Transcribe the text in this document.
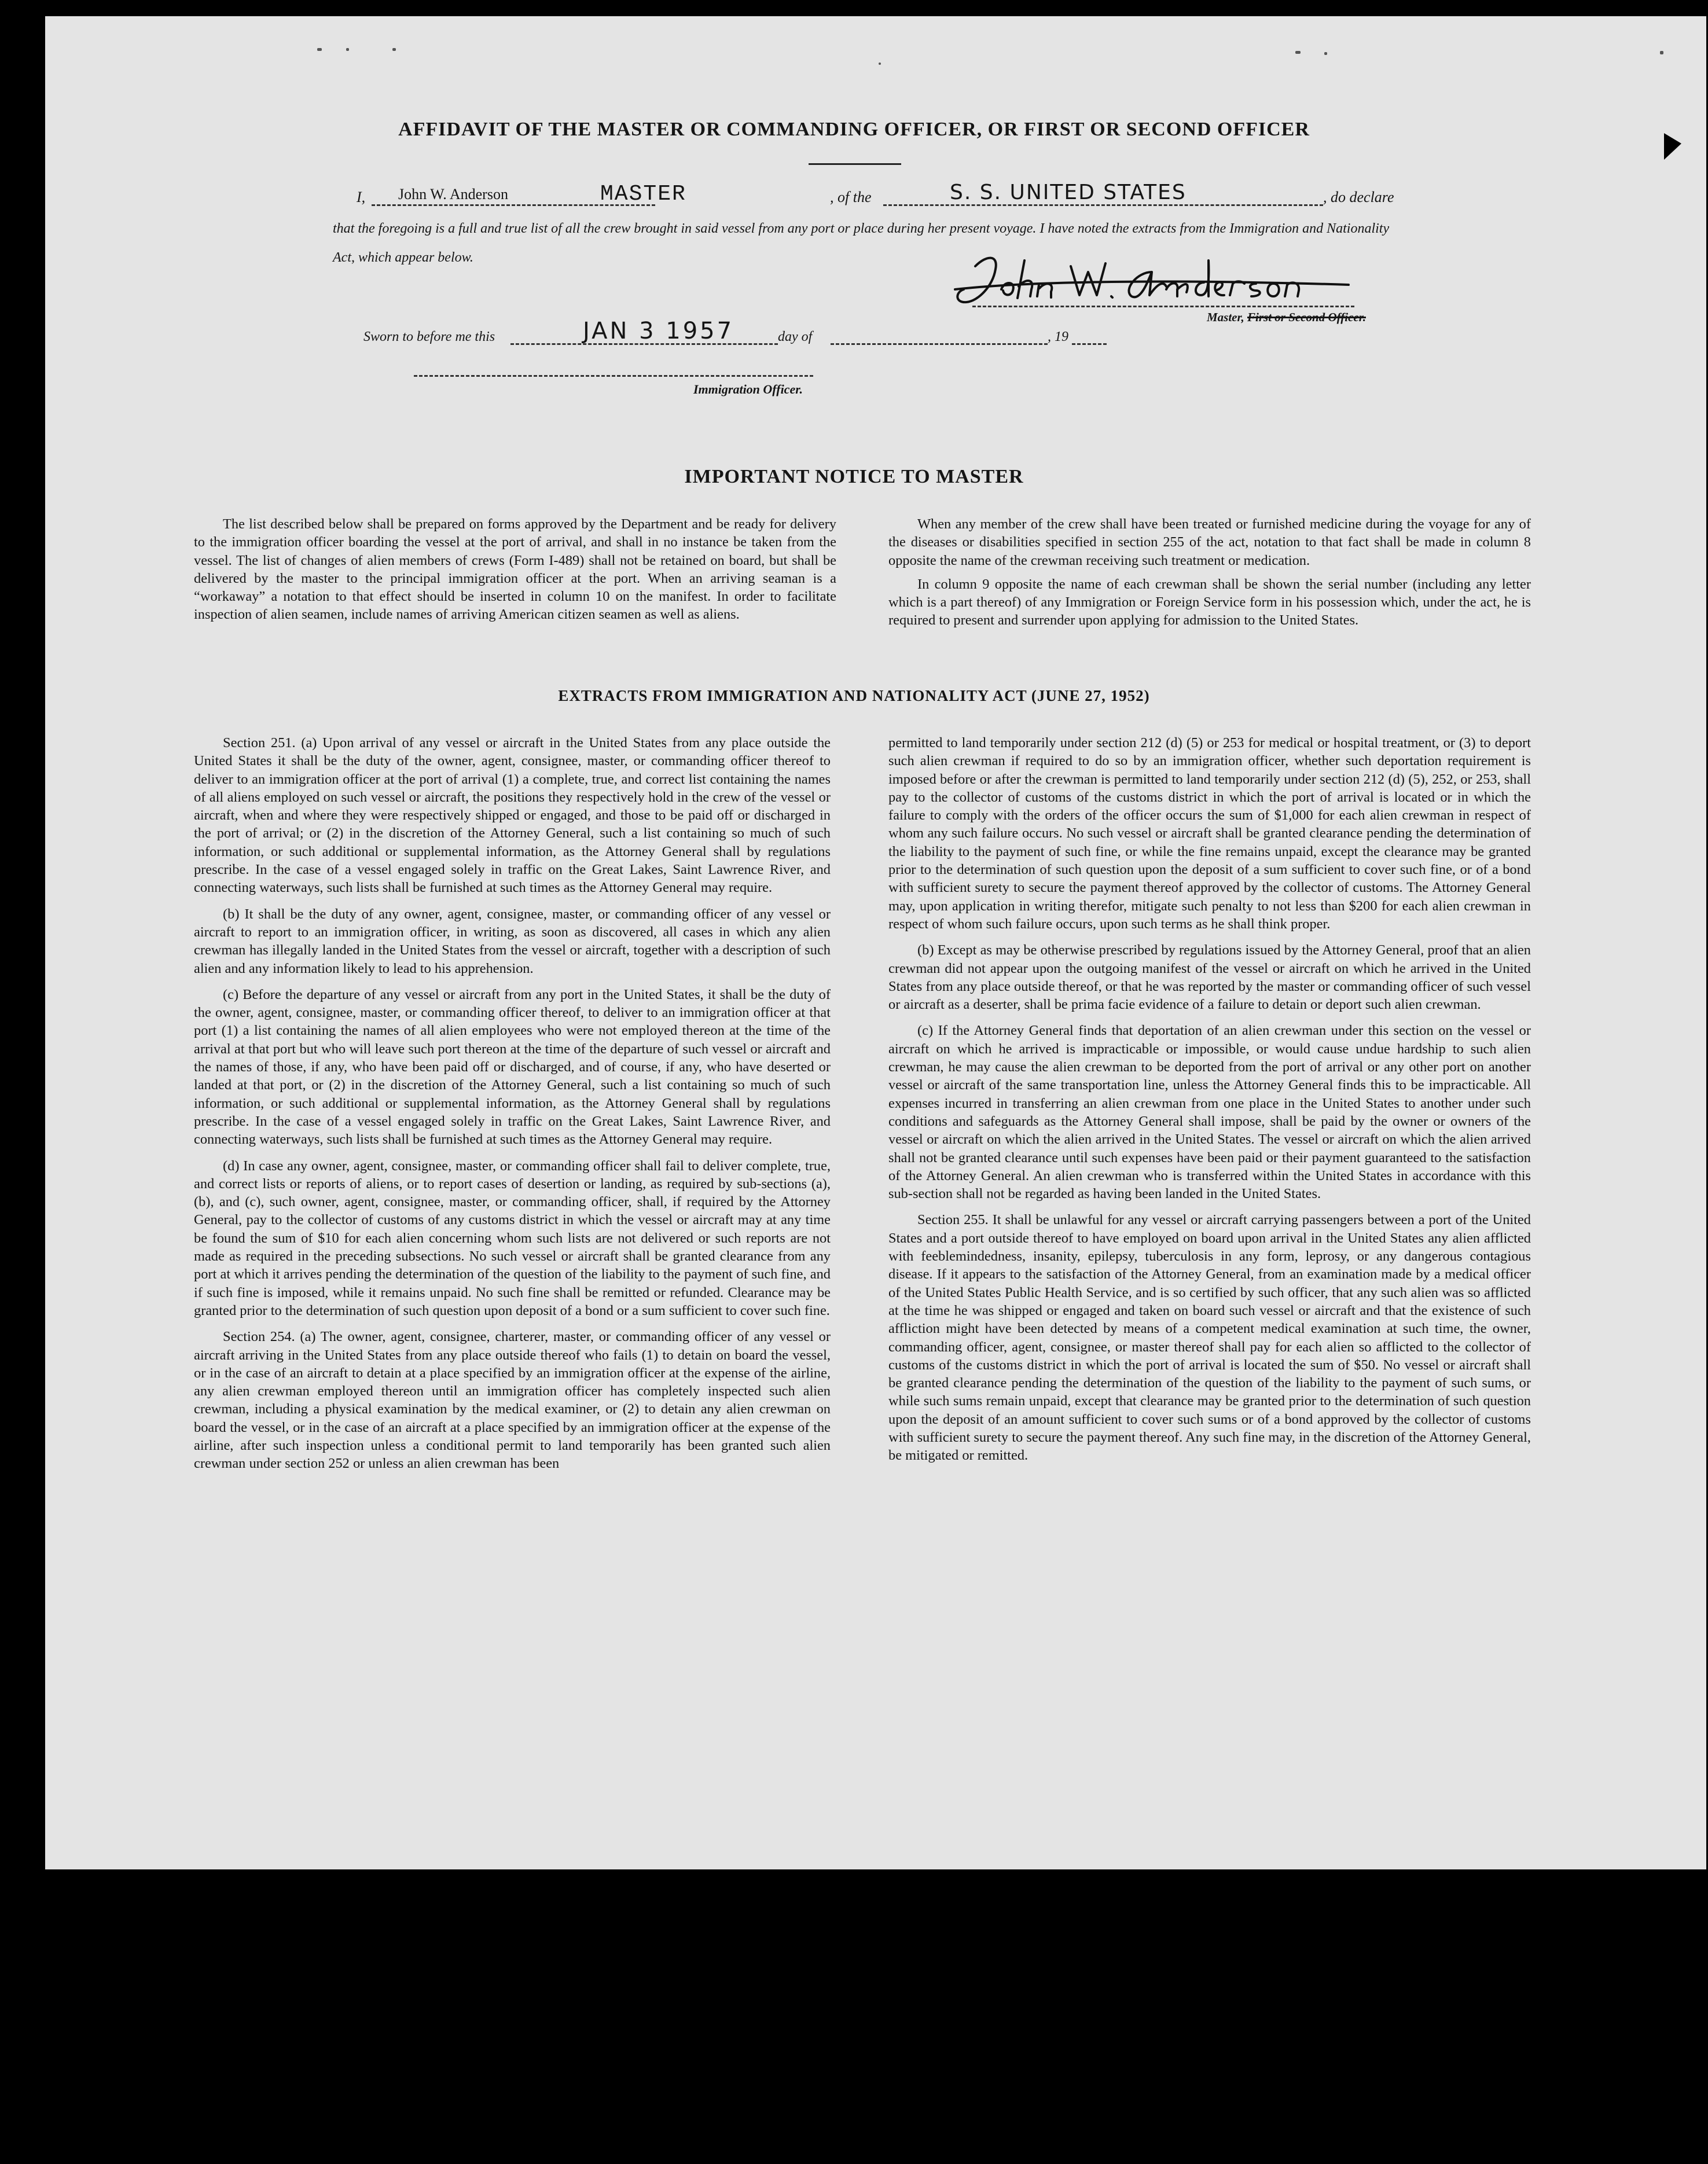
AFFIDAVIT OF THE MASTER OR COMMANDING OFFICER, OR FIRST OR SECOND OFFICER
I, John W. Anderson	MASTER	, of the	S. S. UNITED STATES	, do declare
that the foregoing is a full and true list of all the crew brought in said vessel from any port or place during her present voyage. I have noted the extracts from the Immigration and Nationality Act, which appear below.
Master, First or Second Officer.
Sworn to before me this	JAN 3 1957	day of	, 19
Immigration Officer.
IMPORTANT NOTICE TO MASTER

The list described below shall be prepared on forms approved by the Department and be ready for delivery to the immigration officer boarding the vessel at the port of arrival, and shall in no instance be taken from the vessel. The list of changes of alien members of crews (Form I-489) shall not be retained on board, but shall be delivered by the master to the principal immigration officer at the port. When an arriving seaman is a “workaway” a notation to that effect should be inserted in column 10 on the manifest. In order to facilitate inspection of alien seamen, include names of arriving American citizen seamen as well as aliens.

When any member of the crew shall have been treated or furnished medicine during the voyage for any of the diseases or disabilities specified in section 255 of the act, notation to that fact shall be made in column 8 opposite the name of the crewman receiving such treatment or medication.

In column 9 opposite the name of each crewman shall be shown the serial number (including any letter which is a part thereof) of any Immigration or Foreign Service form in his possession which, under the act, he is required to present and surrender upon applying for admission to the United States.

EXTRACTS FROM IMMIGRATION AND NATIONALITY ACT (JUNE 27, 1952)

Section 251. (a) Upon arrival of any vessel or aircraft in the United States from any place outside the United States it shall be the duty of the owner, agent, consignee, master, or commanding officer thereof to deliver to an immigration officer at the port of arrival (1) a complete, true, and correct list containing the names of all aliens employed on such vessel or aircraft, the positions they respectively hold in the crew of the vessel or aircraft, when and where they were respectively shipped or engaged, and those to be paid off or discharged in the port of arrival; or (2) in the discretion of the Attorney General, such a list containing so much of such information, or such additional or supplemental information, as the Attorney General shall by regulations prescribe. In the case of a vessel engaged solely in traffic on the Great Lakes, Saint Lawrence River, and connecting waterways, such lists shall be furnished at such times as the Attorney General may require.

(b) It shall be the duty of any owner, agent, consignee, master, or commanding officer of any vessel or aircraft to report to an immigration officer, in writing, as soon as discovered, all cases in which any alien crewman has illegally landed in the United States from the vessel or aircraft, together with a description of such alien and any information likely to lead to his apprehension.

(c) Before the departure of any vessel or aircraft from any port in the United States, it shall be the duty of the owner, agent, consignee, master, or commanding officer thereof, to deliver to an immigration officer at that port (1) a list containing the names of all alien employees who were not employed thereon at the time of the arrival at that port but who will leave such port thereon at the time of the departure of such vessel or aircraft and the names of those, if any, who have been paid off or discharged, and of course, if any, who have deserted or landed at that port, or (2) in the discretion of the Attorney General, such a list containing so much of such information, or such additional or supplemental information, as the Attorney General shall by regulations prescribe. In the case of a vessel engaged solely in traffic on the Great Lakes, Saint Lawrence River, and connecting waterways, such lists shall be furnished at such times as the Attorney General may require.

(d) In case any owner, agent, consignee, master, or commanding officer shall fail to deliver complete, true, and correct lists or reports of aliens, or to report cases of desertion or landing, as required by sub-sections (a), (b), and (c), such owner, agent, consignee, master, or commanding officer, shall, if required by the Attorney General, pay to the collector of customs of any customs district in which the vessel or aircraft may at any time be found the sum of $10 for each alien concerning whom such lists are not delivered or such reports are not made as required in the preceding subsections. No such vessel or aircraft shall be granted clearance from any port at which it arrives pending the determination of the question of the liability to the payment of such fine, and if such fine is imposed, while it remains unpaid. No such fine shall be remitted or refunded. Clearance may be granted prior to the determination of such question upon deposit of a bond or a sum sufficient to cover such fine.

Section 254. (a) The owner, agent, consignee, charterer, master, or commanding officer of any vessel or aircraft arriving in the United States from any place outside thereof who fails (1) to detain on board the vessel, or in the case of an aircraft to detain at a place specified by an immigration officer at the expense of the airline, any alien crewman employed thereon until an immigration officer has completely inspected such alien crewman, including a physical examination by the medical examiner, or (2) to detain any alien crewman on board the vessel, or in the case of an aircraft at a place specified by an immigration officer at the expense of the airline, after such inspection unless a conditional permit to land temporarily has been granted such alien crewman under section 252 or unless an alien crewman has been

permitted to land temporarily under section 212 (d) (5) or 253 for medical or hospital treatment, or (3) to deport such alien crewman if required to do so by an immigration officer, whether such deportation requirement is imposed before or after the crewman is permitted to land temporarily under section 212 (d) (5), 252, or 253, shall pay to the collector of customs of the customs district in which the port of arrival is located or in which the failure to comply with the orders of the officer occurs the sum of $1,000 for each alien crewman in respect of whom any such failure occurs. No such vessel or aircraft shall be granted clearance pending the determination of the liability to the payment of such fine, or while the fine remains unpaid, except the clearance may be granted prior to the determination of such question upon the deposit of a sum sufficient to cover such fine, or of a bond with sufficient surety to secure the payment thereof approved by the collector of customs. The Attorney General may, upon application in writing therefor, mitigate such penalty to not less than $200 for each alien crewman in respect of whom such failure occurs, upon such terms as he shall think proper.

(b) Except as may be otherwise prescribed by regulations issued by the Attorney General, proof that an alien crewman did not appear upon the outgoing manifest of the vessel or aircraft on which he arrived in the United States from any place outside thereof, or that he was reported by the master or commanding officer of such vessel or aircraft as a deserter, shall be prima facie evidence of a failure to detain or deport such alien crewman.

(c) If the Attorney General finds that deportation of an alien crewman under this section on the vessel or aircraft on which he arrived is impracticable or impossible, or would cause undue hardship to such alien crewman, he may cause the alien crewman to be deported from the port of arrival or any other port on another vessel or aircraft of the same transportation line, unless the Attorney General finds this to be impracticable. All expenses incurred in transferring an alien crewman from one place in the United States to another under such conditions and safeguards as the Attorney General shall impose, shall be paid by the owner or owners of the vessel or aircraft on which the alien arrived in the United States. The vessel or aircraft on which the alien arrived shall not be granted clearance until such expenses have been paid or their payment guaranteed to the satisfaction of the Attorney General. An alien crewman who is transferred within the United States in accordance with this sub-section shall not be regarded as having been landed in the United States.

Section 255. It shall be unlawful for any vessel or aircraft carrying passengers between a port of the United States and a port outside thereof to have employed on board upon arrival in the United States any alien afflicted with feeblemindedness, insanity, epilepsy, tuberculosis in any form, leprosy, or any dangerous contagious disease. If it appears to the satisfaction of the Attorney General, from an examination made by a medical officer of the United States Public Health Service, and is so certified by such officer, that any such alien was so afflicted at the time he was shipped or engaged and taken on board such vessel or aircraft and that the existence of such affliction might have been detected by means of a competent medical examination at such time, the owner, commanding officer, agent, consignee, or master thereof shall pay for each alien so afflicted to the collector of customs of the customs district in which the port of arrival is located the sum of $50. No vessel or aircraft shall be granted clearance pending the determination of the question of the liability to the payment of such sums, or while such sums remain unpaid, except that clearance may be granted prior to the determination of such question upon the deposit of an amount sufficient to cover such sums or of a bond approved by the collector of customs with sufficient surety to secure the payment thereof. Any such fine may, in the discretion of the Attorney General, be mitigated or remitted.
